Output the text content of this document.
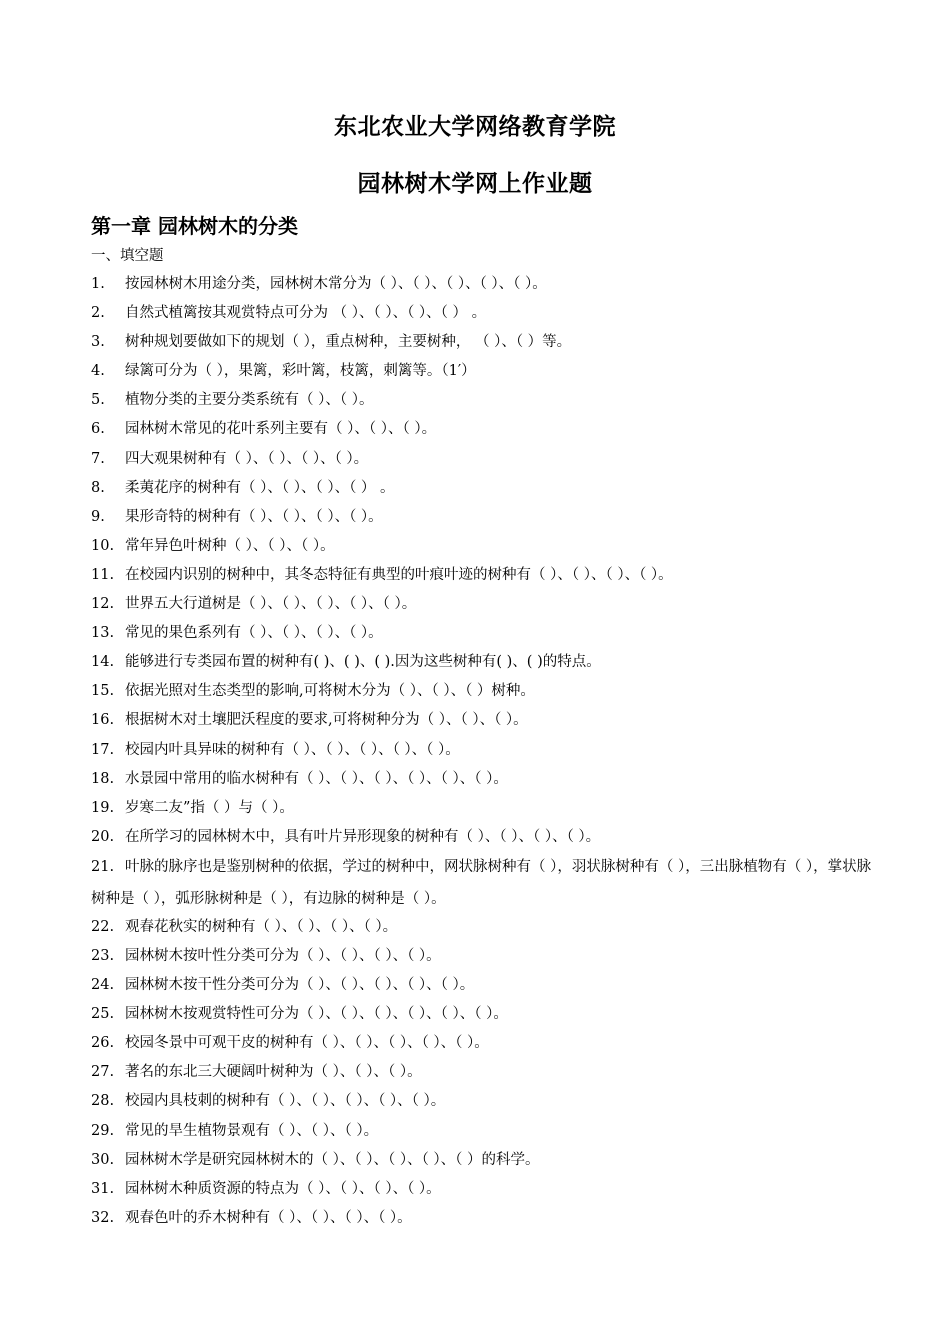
东北农业大学网络教育学院
园林树木学网上作业题
第一章 园林树木的分类
一、填空题
1. 按园林树木用途分类，园林树木常分为（ ）、（ ）、（ ）、（ ）、（ ）。
2. 自然式植篱按其观赏特点可分为 （ ）、（ ）、（ ）、（ ） 。
3. 树种规划要做如下的规划（ ），重点树种，主要树种， （ ）、（ ）等。
4. 绿篱可分为（ ），果篱，彩叶篱，枝篱，刺篱等。（1′）
5. 植物分类的主要分类系统有（ ）、（ ）。
6. 园林树木常见的花叶系列主要有（ ）、（ ）、（ ）。
7. 四大观果树种有（ ）、（ ）、（ ）、（ ）。
8. 柔荑花序的树种有（ ）、（ ）、（ ）、（ ） 。
9. 果形奇特的树种有（ ）、（ ）、（ ）、（ ）。
10. 常年异色叶树种（ ）、（ ）、（ ）。
11. 在校园内识别的树种中，其冬态特征有典型的叶痕叶迹的树种有（ ）、（ ）、（ ）、（ ）。
12. 世界五大行道树是（ ）、（ ）、（ ）、（ ）、（ ）。
13. 常见的果色系列有（ ）、（ ）、（ ）、（ ）。
14. 能够进行专类园布置的树种有( )、( )、( ).因为这些树种有( )、( )的特点。
15. 依据光照对生态类型的影响,可将树木分为（ ）、（ ）、（ ）树种。
16. 根据树木对土壤肥沃程度的要求,可将树种分为（ ）、（ ）、（ ）。
17. 校园内叶具异味的树种有（ ）、（ ）、（ ）、（ ）、（ ）。
18. 水景园中常用的临水树种有（ ）、（ ）、（ ）、（ ）、（ ）、（ ）。
19. 岁寒二友”指（ ）与（ ）。
20. 在所学习的园林树木中，具有叶片异形现象的树种有（ ）、（ ）、（ ）、（ ）。
21. 叶脉的脉序也是鉴别树种的依据，学过的树种中，网状脉树种有（ ），羽状脉树种有（ ），三出脉植物有（ ），掌状脉树种是（ ），弧形脉树种是（ ），有边脉的树种是（ ）。
22. 观春花秋实的树种有（ ）、（ ）、（ ）、（ ）。
23. 园林树木按叶性分类可分为（ ）、（ ）、（ ）、（ ）。
24. 园林树木按干性分类可分为（ ）、（ ）、（ ）、（ ）、（ ）。
25. 园林树木按观赏特性可分为（ ）、（ ）、（ ）、（ ）、（ ）、（ ）。
26. 校园冬景中可观干皮的树种有（ ）、（ ）、（ ）、（ ）、（ ）。
27. 著名的东北三大硬阔叶树种为（ ）、（ ）、（ ）。
28. 校园内具枝刺的树种有（ ）、（ ）、（ ）、（ ）、（ ）。
29. 常见的旱生植物景观有（ ）、（ ）、（ ）。
30. 园林树木学是研究园林树木的（ ）、（ ）、（ ）、（ ）、（ ）的科学。
31. 园林树木种质资源的特点为（ ）、（ ）、（ ）、（ ）。
32. 观春色叶的乔木树种有（ ）、（ ）、（ ）、（ ）。
